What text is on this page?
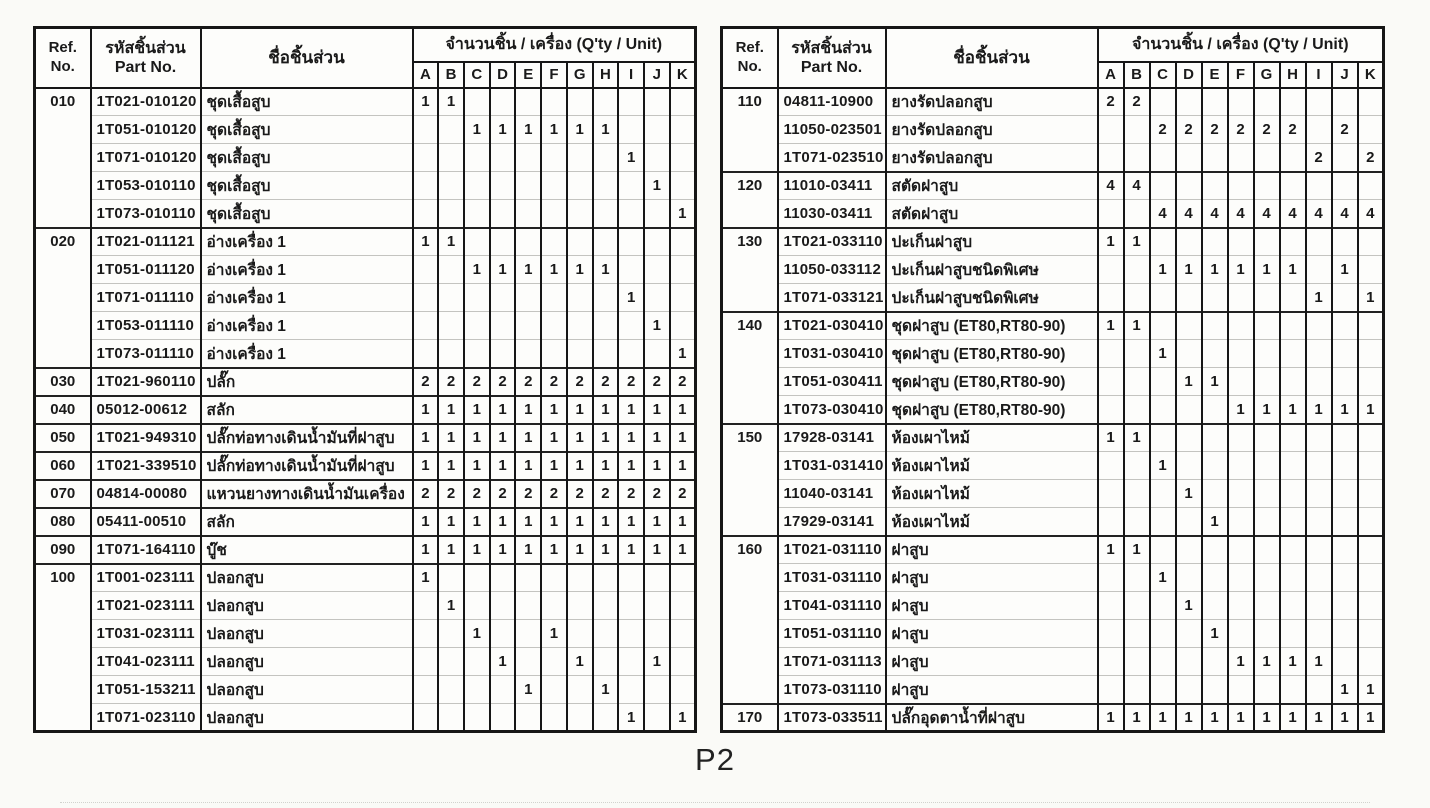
Ref.
No.

รหัสชิ้นส่วน
Part No.	ชื่อชิ้นส่วน	จำนวนชิ้น / เครื่อง (Q'ty / Unit)
			A	B	C	D	E	F	G	H	I	J	K
010	1T021-010120	ชุดเสื้อสูบ	1	1									
	1T051-010120	ชุดเสื้อสูบ			1	1	1	1	1	1			
	1T071-010120	ชุดเสื้อสูบ									1		
	1T053-010110	ชุดเสื้อสูบ										1	
	1T073-010110	ชุดเสื้อสูบ											1
020	1T021-011121	อ่างเครื่อง 1	1	1									
	1T051-011120	อ่างเครื่อง 1			1	1	1	1	1	1			
	1T071-011110	อ่างเครื่อง 1									1		
	1T053-011110	อ่างเครื่อง 1										1	
	1T073-011110	อ่างเครื่อง 1											1
030	1T021-960110	ปลั๊ก	2	2	2	2	2	2	2	2	2	2	2
040	05012-00612	สลัก	1	1	1	1	1	1	1	1	1	1	1
050	1T021-949310	ปลั๊กท่อทางเดินน้ำมันที่ฝาสูบ	1	1	1	1	1	1	1	1	1	1	1
060	1T021-339510	ปลั๊กท่อทางเดินน้ำมันที่ฝาสูบ	1	1	1	1	1	1	1	1	1	1	1
070	04814-00080	แหวนยางทางเดินน้ำมันเครื่อง	2	2	2	2	2	2	2	2	2	2	2
080	05411-00510	สลัก	1	1	1	1	1	1	1	1	1	1	1
090	1T071-164110	บู๊ช	1	1	1	1	1	1	1	1	1	1	1
100	1T001-023111	ปลอกสูบ	1										
	1T021-023111	ปลอกสูบ		1									
	1T031-023111	ปลอกสูบ			1			1					
	1T041-023111	ปลอกสูบ				1			1			1	
	1T051-153211	ปลอกสูบ					1			1			
	1T071-023110	ปลอกสูบ									1		1
Ref.
No.

รหัสชิ้นส่วน
Part No.	ชื่อชิ้นส่วน	จำนวนชิ้น / เครื่อง (Q'ty / Unit)
			A	B	C	D	E	F	G	H	I	J	K
110	04811-10900	ยางรัดปลอกสูบ	2	2									
	11050-023501	ยางรัดปลอกสูบ			2	2	2	2	2	2		2	
	1T071-023510	ยางรัดปลอกสูบ									2		2
120	11010-03411	สตัดฝาสูบ	4	4									
	11030-03411	สตัดฝาสูบ			4	4	4	4	4	4	4	4	4
130	1T021-033110	ปะเก็นฝาสูบ	1	1									
	11050-033112	ปะเก็นฝาสูบชนิดพิเศษ			1	1	1	1	1	1		1	
	1T071-033121	ปะเก็นฝาสูบชนิดพิเศษ									1		1
140	1T021-030410	ชุดฝาสูบ (ET80,RT80-90)	1	1									
	1T031-030410	ชุดฝาสูบ (ET80,RT80-90)			1								
	1T051-030411	ชุดฝาสูบ (ET80,RT80-90)				1	1						
	1T073-030410	ชุดฝาสูบ (ET80,RT80-90)						1	1	1	1	1	1
150	17928-03141	ห้องเผาไหม้	1	1									
	1T031-031410	ห้องเผาไหม้			1								
	11040-03141	ห้องเผาไหม้				1							
	17929-03141	ห้องเผาไหม้					1						
160	1T021-031110	ฝาสูบ	1	1									
	1T031-031110	ฝาสูบ			1								
	1T041-031110	ฝาสูบ				1							
	1T051-031110	ฝาสูบ					1						
	1T071-031113	ฝาสูบ						1	1	1	1		
	1T073-031110	ฝาสูบ										1	1
170	1T073-033511	ปลั๊กอุดตาน้ำที่ฝาสูบ	1	1	1	1	1	1	1	1	1	1	1
P2
